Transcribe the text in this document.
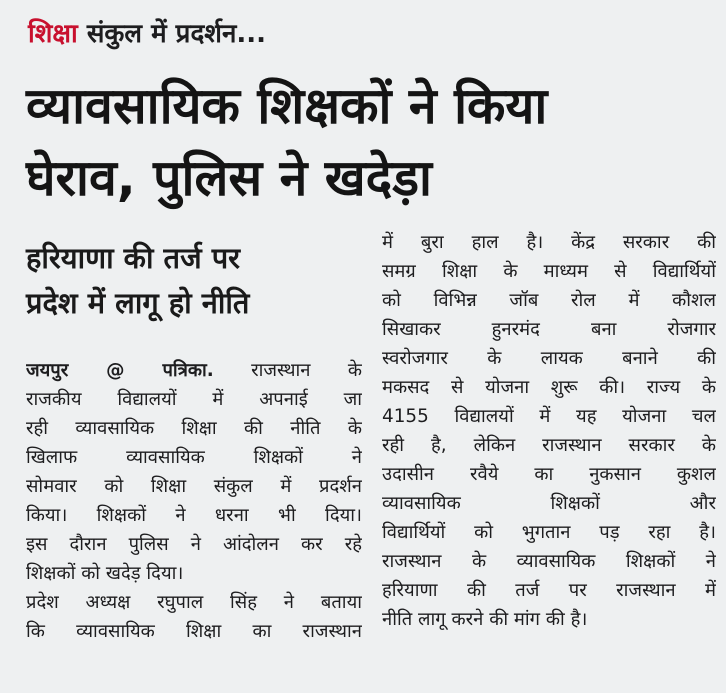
शिक्षा संकुल में प्रदर्शन...
व्यावसायिक शिक्षकों ने किया
घेराव, पुलिस ने खदेड़ा
हरियाणा की तर्ज पर
प्रदेश में लागू हो नीति
जयपुर @ पत्रिका. राजस्थान के
राजकीय विद्यालयों में अपनाई जा
रही व्यावसायिक शिक्षा की नीति के
खिलाफ व्यावसायिक शिक्षकों ने
सोमवार को शिक्षा संकुल में प्रदर्शन
किया। शिक्षकों ने धरना भी दिया।
इस दौरान पुलिस ने आंदोलन कर रहे
शिक्षकों को खदेड़ दिया।
प्रदेश अध्यक्ष रघुपाल सिंह ने बताया
कि व्यावसायिक शिक्षा का राजस्थान
में बुरा हाल है। केंद्र सरकार की
समग्र शिक्षा के माध्यम से विद्यार्थियों
को विभिन्न जॉब रोल में कौशल
सिखाकर हुनरमंद बना रोजगार
स्वरोजगार के लायक बनाने की
मकसद से योजना शुरू की। राज्य के
4155 विद्यालयों में यह योजना चल
रही है, लेकिन राजस्थान सरकार के
उदासीन रवैये का नुकसान कुशल
व्यावसायिक शिक्षकों और
विद्यार्थियों को भुगतान पड़ रहा है।
राजस्थान के व्यावसायिक शिक्षकों ने
हरियाणा की तर्ज पर राजस्थान में
नीति लागू करने की मांग की है।
